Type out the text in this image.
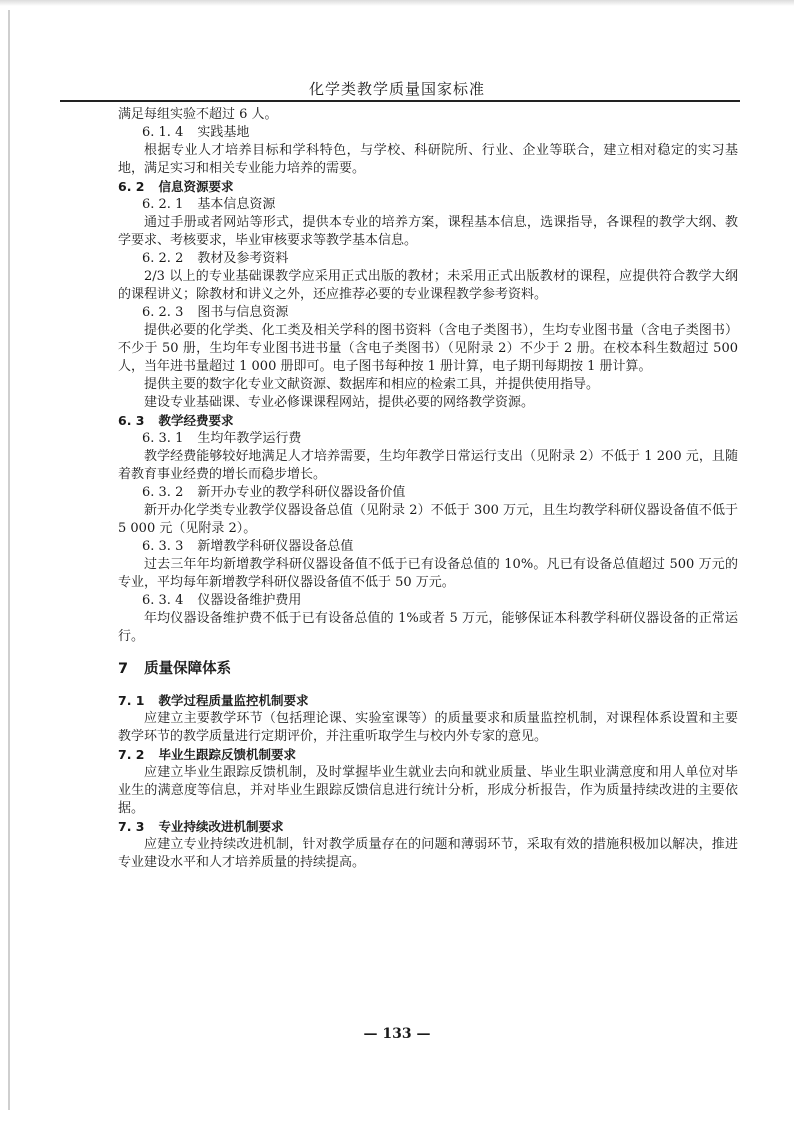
化学类教学质量国家标准
满足每组实验不超过 6 人。
6. 1. 4 实践基地
根据专业人才培养目标和学科特色，与学校、科研院所、行业、企业等联合，建立相对稳定的实习基地，满足实习和相关专业能力培养的需要。
6. 2 信息资源要求
6. 2. 1 基本信息资源
通过手册或者网站等形式，提供本专业的培养方案，课程基本信息，选课指导，各课程的教学大纲、教学要求、考核要求，毕业审核要求等教学基本信息。
6. 2. 2 教材及参考资料
2/3 以上的专业基础课教学应采用正式出版的教材；未采用正式出版教材的课程，应提供符合教学大纲的课程讲义；除教材和讲义之外，还应推荐必要的专业课程教学参考资料。
6. 2. 3 图书与信息资源
提供必要的化学类、化工类及相关学科的图书资料（含电子类图书），生均专业图书量（含电子类图书）不少于 50 册，生均年专业图书进书量（含电子类图书）（见附录 2）不少于 2 册。在校本科生数超过 500 人，当年进书量超过 1 000 册即可。电子图书每种按 1 册计算，电子期刊每期按 1 册计算。
提供主要的数字化专业文献资源、数据库和相应的检索工具，并提供使用指导。
建设专业基础课、专业必修课课程网站，提供必要的网络教学资源。
6. 3 教学经费要求
6. 3. 1 生均年教学运行费
教学经费能够较好地满足人才培养需要，生均年教学日常运行支出（见附录 2）不低于 1 200 元，且随着教育事业经费的增长而稳步增长。
6. 3. 2 新开办专业的教学科研仪器设备价值
新开办化学类专业教学仪器设备总值（见附录 2）不低于 300 万元，且生均教学科研仪器设备值不低于 5 000 元（见附录 2）。
6. 3. 3 新增教学科研仪器设备总值
过去三年年均新增教学科研仪器设备值不低于已有设备总值的 10%。凡已有设备总值超过 500 万元的专业，平均每年新增教学科研仪器设备值不低于 50 万元。
6. 3. 4 仪器设备维护费用
年均仪器设备维护费不低于已有设备总值的 1%或者 5 万元，能够保证本科教学科研仪器设备的正常运行。
7 质量保障体系
7. 1 教学过程质量监控机制要求
应建立主要教学环节（包括理论课、实验室课等）的质量要求和质量监控机制，对课程体系设置和主要教学环节的教学质量进行定期评价，并注重听取学生与校内外专家的意见。
7. 2 毕业生跟踪反馈机制要求
应建立毕业生跟踪反馈机制，及时掌握毕业生就业去向和就业质量、毕业生职业满意度和用人单位对毕业生的满意度等信息，并对毕业生跟踪反馈信息进行统计分析，形成分析报告，作为质量持续改进的主要依据。
7. 3 专业持续改进机制要求
应建立专业持续改进机制，针对教学质量存在的问题和薄弱环节，采取有效的措施积极加以解决，推进专业建设水平和人才培养质量的持续提高。
— 133 —
